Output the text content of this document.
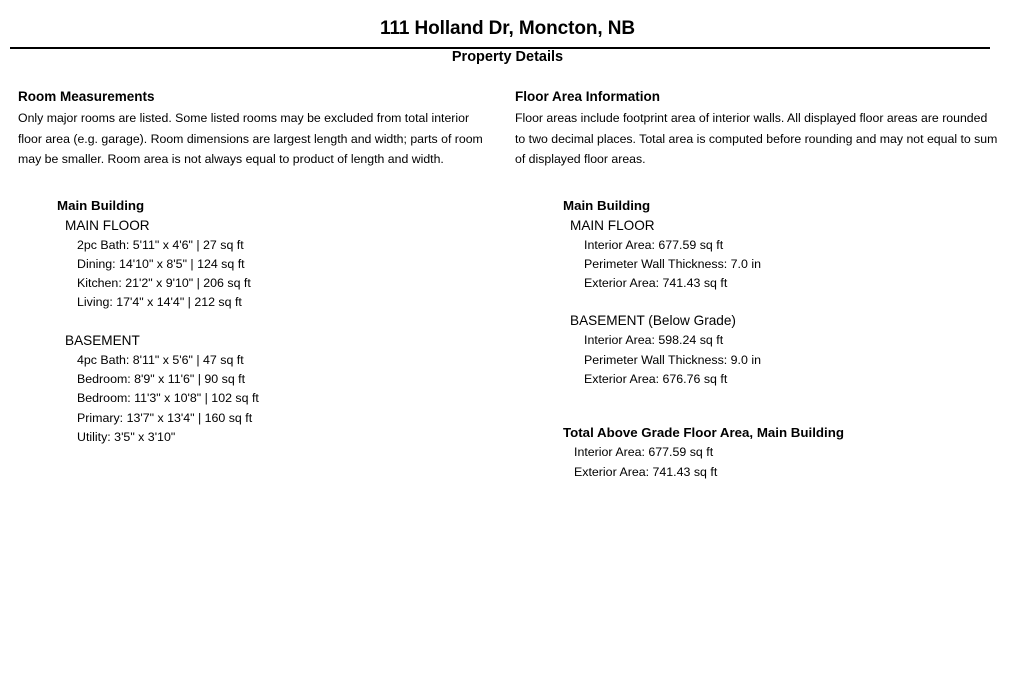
111 Holland Dr, Moncton, NB
Property Details
Room Measurements

Only major rooms are listed. Some listed rooms may be excluded from total interior floor area (e.g. garage). Room dimensions are largest length and width; parts of room may be smaller. Room area is not always equal to product of length and width.

Main Building
MAIN FLOOR
2pc Bath: 5'11" x 4'6" | 27 sq ft
Dining: 14'10" x 8'5" | 124 sq ft
Kitchen: 21'2" x 9'10" | 206 sq ft
Living: 17'4" x 14'4" | 212 sq ft
BASEMENT
4pc Bath: 8'11" x 5'6" | 47 sq ft
Bedroom: 8'9" x 11'6" | 90 sq ft
Bedroom: 11'3" x 10'8" | 102 sq ft
Primary: 13'7" x 13'4" | 160 sq ft
Utility: 3'5" x 3'10"
Floor Area Information

Floor areas include footprint area of interior walls. All displayed floor areas are rounded to two decimal places. Total area is computed before rounding and may not equal to sum of displayed floor areas.

Main Building
MAIN FLOOR
Interior Area: 677.59 sq ft
Perimeter Wall Thickness: 7.0 in
Exterior Area: 741.43 sq ft
BASEMENT (Below Grade)
Interior Area: 598.24 sq ft
Perimeter Wall Thickness: 9.0 in
Exterior Area: 676.76 sq ft
Total Above Grade Floor Area, Main Building
Interior Area: 677.59 sq ft
Exterior Area: 741.43 sq ft
